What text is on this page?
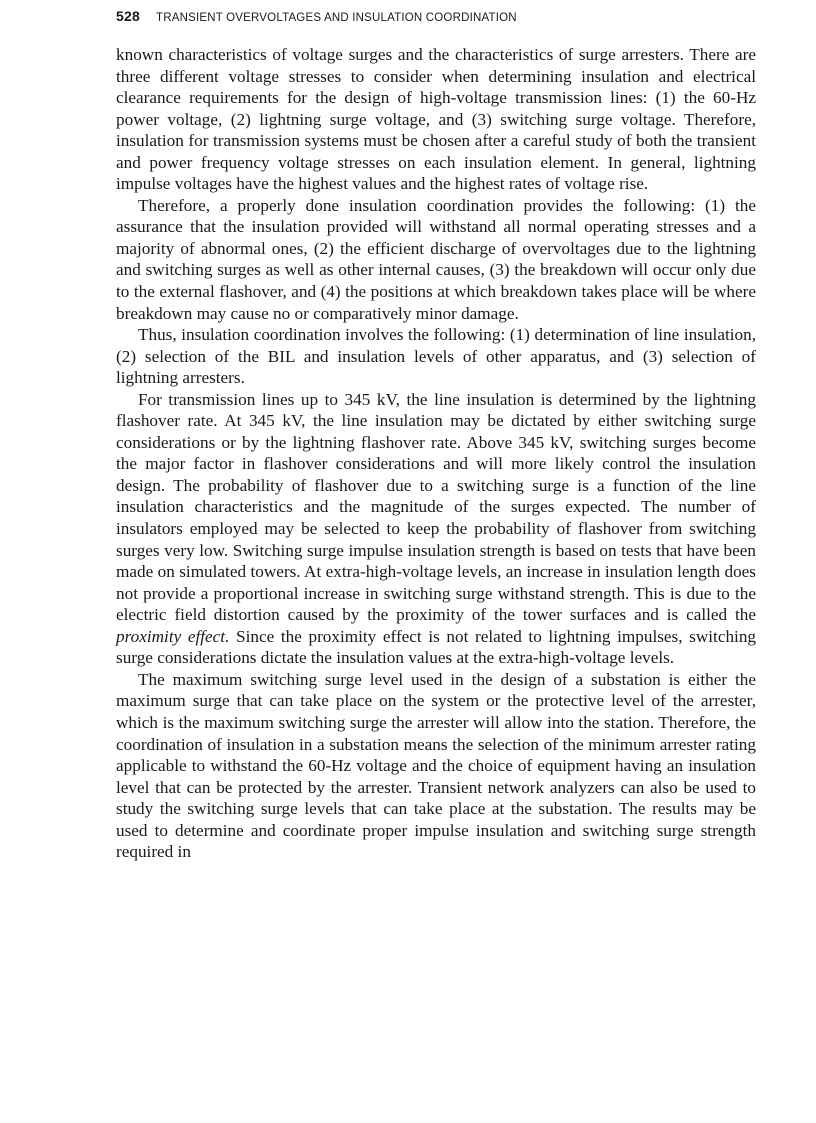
528 TRANSIENT OVERVOLTAGES AND INSULATION COORDINATION

known characteristics of voltage surges and the characteristics of surge arresters. There are three different voltage stresses to consider when determining insulation and electrical clearance requirements for the design of high-voltage transmission lines: (1) the 60-Hz power voltage, (2) lightning surge voltage, and (3) switching surge voltage. Therefore, insulation for transmission systems must be chosen after a careful study of both the transient and power frequency voltage stresses on each insulation element. In general, lightning impulse voltages have the highest values and the highest rates of voltage rise.

Therefore, a properly done insulation coordination provides the following: (1) the assurance that the insulation provided will withstand all normal operating stresses and a majority of abnormal ones, (2) the efficient discharge of overvoltages due to the lightning and switching surges as well as other internal causes, (3) the breakdown will occur only due to the external flashover, and (4) the positions at which breakdown takes place will be where breakdown may cause no or comparatively minor damage.

Thus, insulation coordination involves the following: (1) determination of line insulation, (2) selection of the BIL and insulation levels of other apparatus, and (3) selection of lightning arresters.

For transmission lines up to 345 kV, the line insulation is determined by the lightning flashover rate. At 345 kV, the line insulation may be dictated by either switching surge considerations or by the lightning flashover rate. Above 345 kV, switching surges become the major factor in flashover considerations and will more likely control the insulation design. The probability of flashover due to a switching surge is a function of the line insulation characteristics and the magnitude of the surges expected. The number of insulators employed may be selected to keep the probability of flashover from switching surges very low. Switching surge impulse insulation strength is based on tests that have been made on simulated towers. At extra-high-voltage levels, an increase in insulation length does not provide a proportional increase in switching surge withstand strength. This is due to the electric field distortion caused by the proximity of the tower surfaces and is called the proximity effect. Since the proximity effect is not related to lightning impulses, switching surge considerations dictate the insulation values at the extra-high-voltage levels.

The maximum switching surge level used in the design of a substation is either the maximum surge that can take place on the system or the protective level of the arrester, which is the maximum switching surge the arrester will allow into the station. Therefore, the coordination of insulation in a substation means the selection of the minimum arrester rating applicable to withstand the 60-Hz voltage and the choice of equipment having an insulation level that can be protected by the arrester. Transient network analyzers can also be used to study the switching surge levels that can take place at the substation. The results may be used to determine and coordinate proper impulse insulation and switching surge strength required in
